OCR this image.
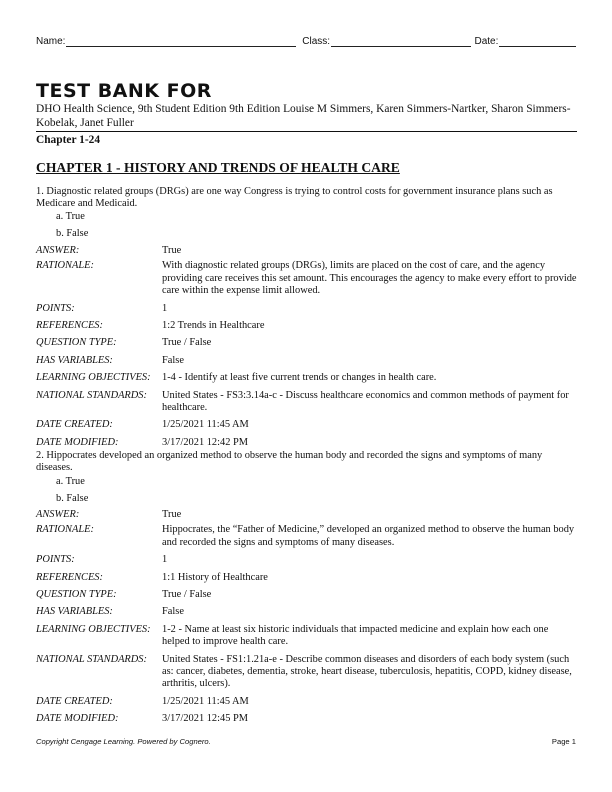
Name:	Class:	Date:
TEST BANK FOR
DHO Health Science, 9th Student Edition 9th Edition Louise M Simmers, Karen Simmers-Nartker, Sharon Simmers-Kobelak, Janet Fuller
Chapter 1-24
CHAPTER 1 - HISTORY AND TRENDS OF HEALTH CARE
1. Diagnostic related groups (DRGs) are one way Congress is trying to control costs for government insurance plans such as Medicare and Medicaid.
a. True
b. False
ANSWER:	True
RATIONALE:	With diagnostic related groups (DRGs), limits are placed on the cost of care, and the agency providing care receives this set amount. This encourages the agency to make every effort to provide care within the expense limit allowed.
POINTS:	1
REFERENCES:	1:2 Trends in Healthcare
QUESTION TYPE:	True / False
HAS VARIABLES:	False
LEARNING OBJECTIVES:	1-4 - Identify at least five current trends or changes in health care.
NATIONAL STANDARDS:	United States - FS3:3.14a-c - Discuss healthcare economics and common methods of payment for healthcare.
DATE CREATED:	1/25/2021 11:45 AM
DATE MODIFIED:	3/17/2021 12:42 PM
2. Hippocrates developed an organized method to observe the human body and recorded the signs and symptoms of many diseases.
a. True
b. False
ANSWER:	True
RATIONALE:	Hippocrates, the “Father of Medicine,” developed an organized method to observe the human body and recorded the signs and symptoms of many diseases.
POINTS:	1
REFERENCES:	1:1 History of Healthcare
QUESTION TYPE:	True / False
HAS VARIABLES:	False
LEARNING OBJECTIVES:	1-2 - Name at least six historic individuals that impacted medicine and explain how each one helped to improve health care.
NATIONAL STANDARDS:	United States - FS1:1.21a-e - Describe common diseases and disorders of each body system (such as: cancer, diabetes, dementia, stroke, heart disease, tuberculosis, hepatitis, COPD, kidney disease, arthritis, ulcers).
DATE CREATED:	1/25/2021 11:45 AM
DATE MODIFIED:	3/17/2021 12:45 PM
Copyright Cengage Learning. Powered by Cognero.	Page 1
